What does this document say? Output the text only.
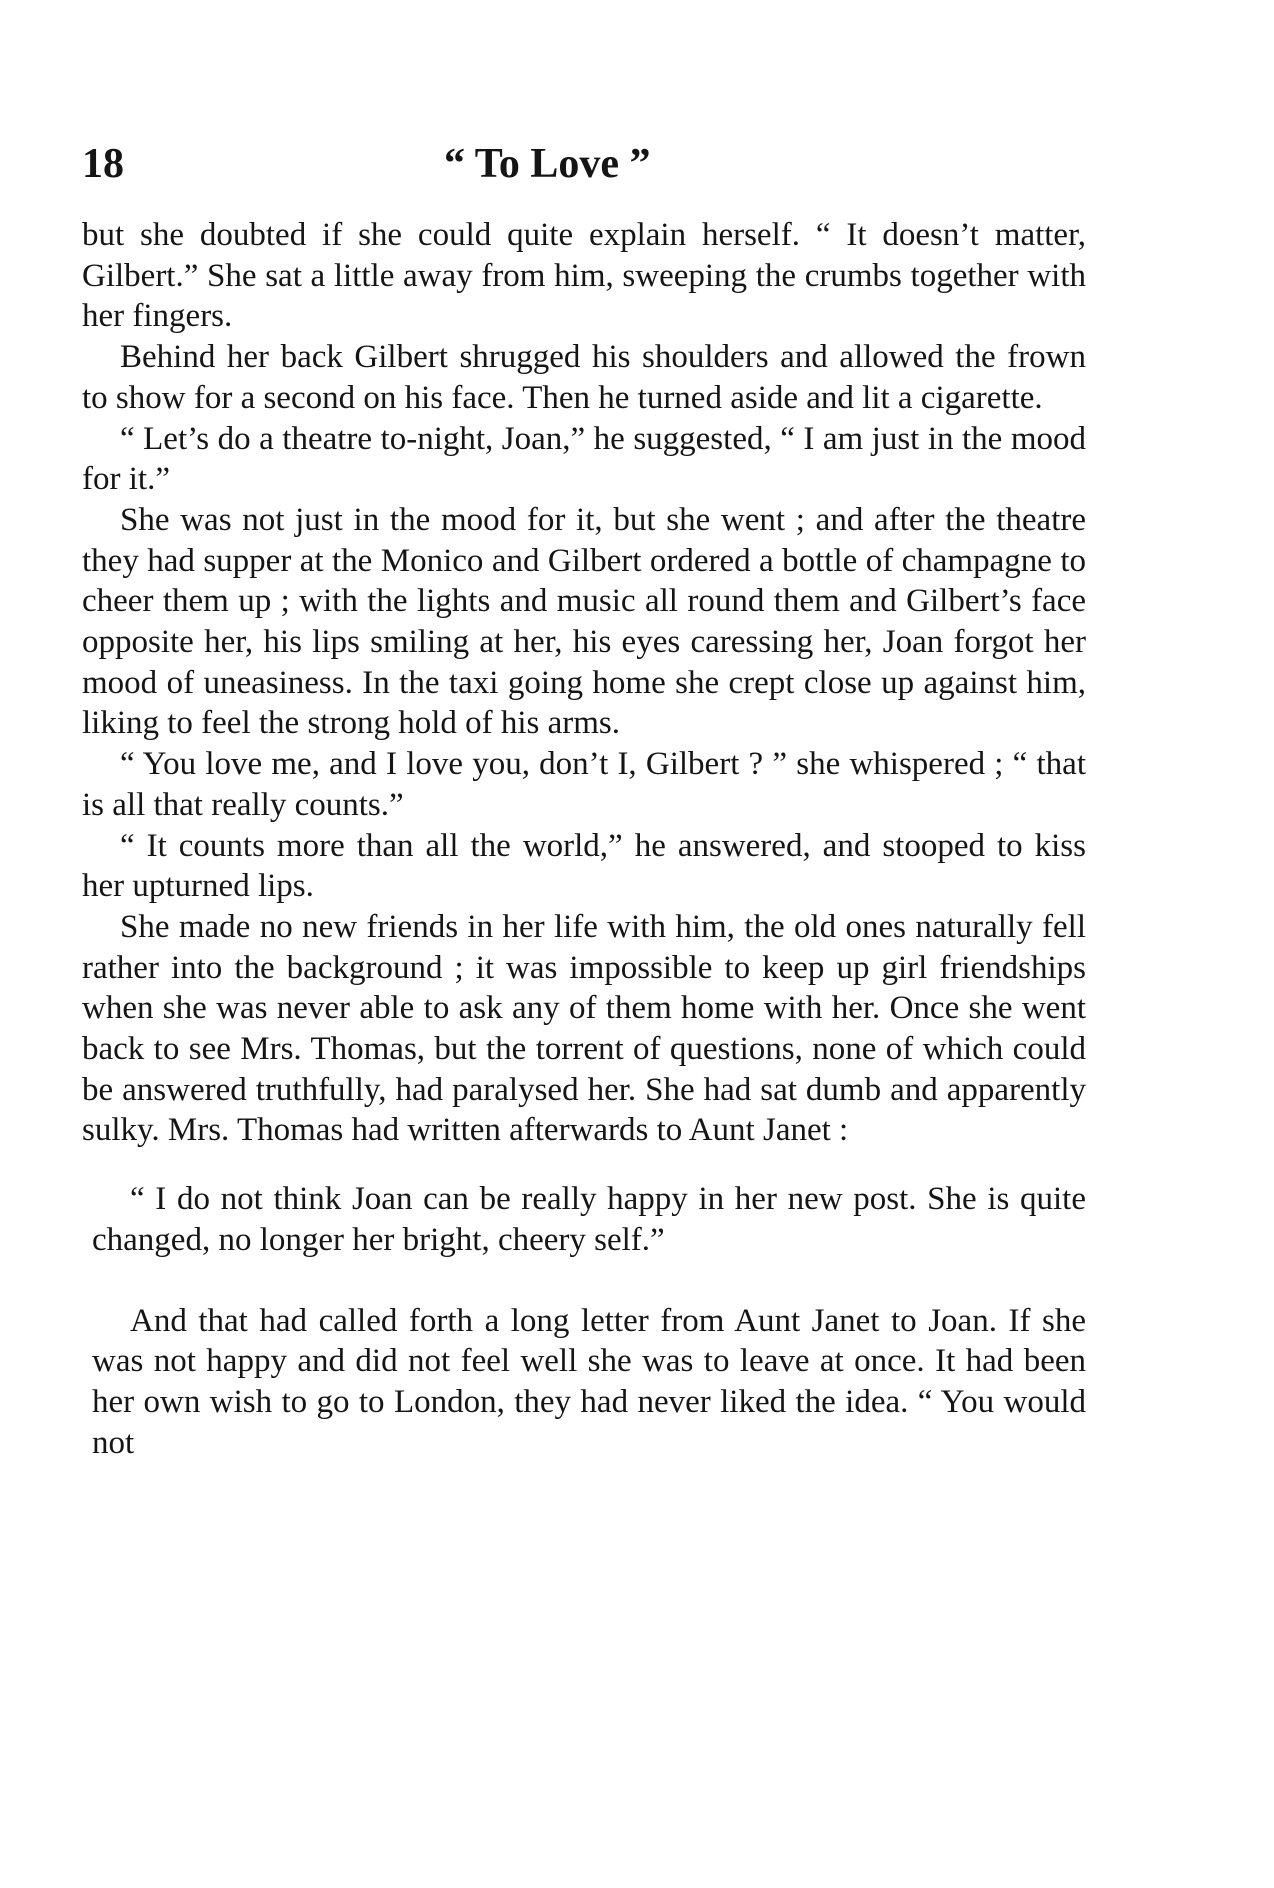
18	“ To Love ”

but she doubted if she could quite explain herself. “ It doesn’t matter, Gilbert.” She sat a little away from him, sweeping the crumbs together with her fingers.

Behind her back Gilbert shrugged his shoulders and allowed the frown to show for a second on his face. Then he turned aside and lit a cigarette.

“ Let’s do a theatre to-night, Joan,” he suggested, “ I am just in the mood for it.”

She was not just in the mood for it, but she went ; and after the theatre they had supper at the Monico and Gilbert ordered a bottle of champagne to cheer them up ; with the lights and music all round them and Gilbert’s face opposite her, his lips smiling at her, his eyes caressing her, Joan forgot her mood of uneasiness. In the taxi going home she crept close up against him, liking to feel the strong hold of his arms.

“ You love me, and I love you, don’t I, Gilbert ? ” she whispered ; “ that is all that really counts.”

“ It counts more than all the world,” he answered, and stooped to kiss her upturned lips.

She made no new friends in her life with him, the old ones naturally fell rather into the background ; it was impossible to keep up girl friendships when she was never able to ask any of them home with her. Once she went back to see Mrs. Thomas, but the torrent of questions, none of which could be answered truthfully, had paralysed her. She had sat dumb and apparently sulky. Mrs. Thomas had written afterwards to Aunt Janet :

“ I do not think Joan can be really happy in her new post. She is quite changed, no longer her bright, cheery self.”

And that had called forth a long letter from Aunt Janet to Joan. If she was not happy and did not feel well she was to leave at once. It had been her own wish to go to London, they had never liked the idea. “ You would not
